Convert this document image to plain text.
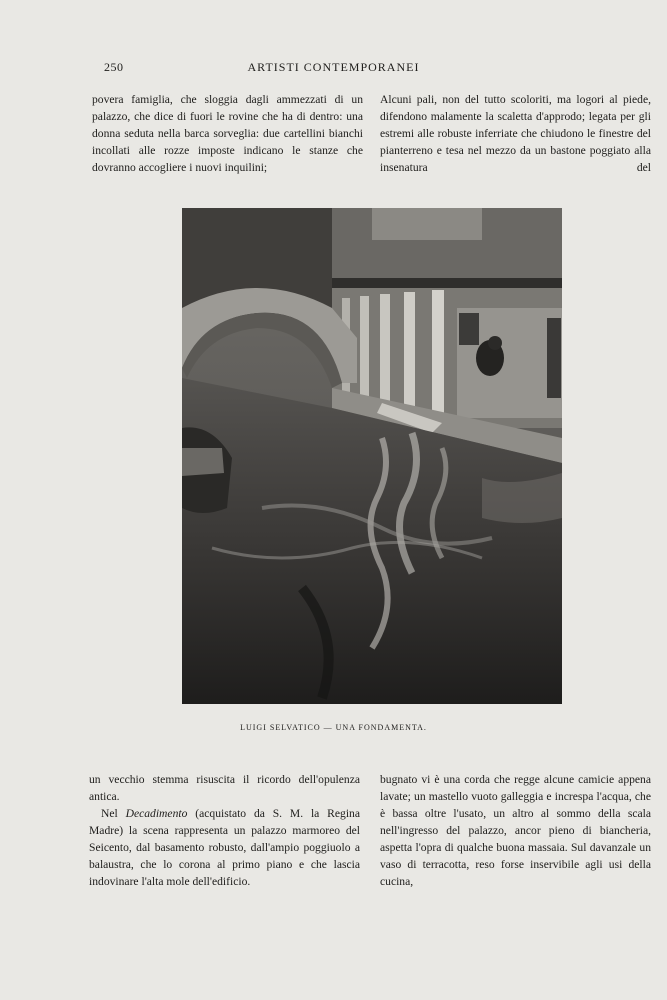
250	ARTISTI CONTEMPORANEI

povera famiglia, che sloggia dagli ammezzati di un palazzo, che dice di fuori le rovine che ha di dentro: una donna seduta nella barca sorveglia: due cartellini bianchi incollati alle rozze imposte indicano le stanze che dovranno accogliere i nuovi inquilini;

Alcuni pali, non del tutto scoloriti, ma logori al piede, difendono malamente la scaletta d'approdo; legata per gli estremi alle robuste inferriate che chiudono le finestre del pianterreno e tesa nel mezzo da un bastone poggiato alla insenatura del

LUIGI SELVATICO — UNA FONDAMENTA.

un vecchio stemma risuscita il ricordo dell'opulenza antica.

Nel Decadimento (acquistato da S. M. la Regina Madre) la scena rappresenta un palazzo marmoreo del Seicento, dal basamento robusto, dall'ampio poggiuolo a balaustra, che lo corona al primo piano e che lascia indovinare l'alta mole dell'edificio.

bugnato vi è una corda che regge alcune camicie appena lavate; un mastello vuoto galleggia e increspa l'acqua, che è bassa oltre l'usato, un altro al sommo della scala nell'ingresso del palazzo, ancor pieno di biancheria, aspetta l'opra di qualche buona massaia. Sul davanzale un vaso di terracotta, reso forse inservibile agli usi della cucina,
